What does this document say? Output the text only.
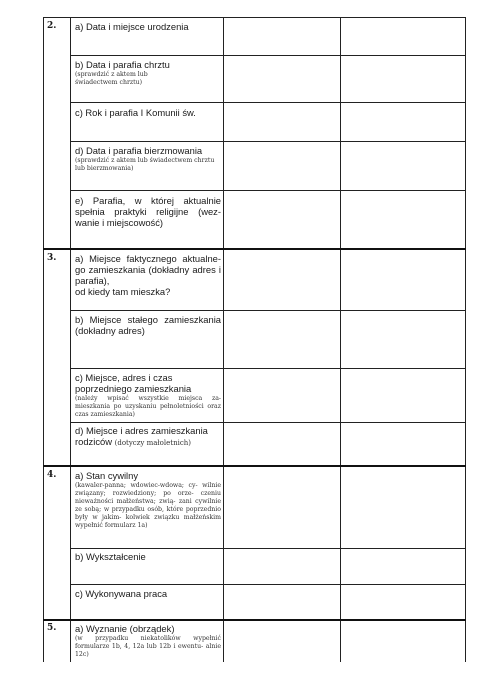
2.
3.
4.
5.

a) Data i miejsce urodzenia

b) Data i parafia chrztu

(sprawdzić z aktem lub świadectwem chrztu)

c) Rok i parafia I Komunii św.

d) Data i parafia bierzmowania

(sprawdzić z aktem lub świadectwem chrztu lub bierzmowania)

e) Parafia, w której aktualnie spełnia praktyki religijne (wez- wanie i miejscowość)

a) Miejsce faktycznego aktualne- go zamieszkania (dokładny adres i parafia),

od kiedy tam mieszka?

b) Miejsce stałego zamieszkania (dokładny adres)

c) Miejsce, adres i czas poprzedniego zamieszkania

(należy wpisać wszystkie miejsca za- mieszkania po uzyskaniu pełnoletniości oraz czas zamieszkania)

d) Miejsce i adres zamieszkania rodziców (dotyczy małoletnich)

a) Stan cywilny

(kawaler-panna; wdowiec-wdowa; cy- wilnie związany; rozwiedziony; po orze- czeniu nieważności małżeństwa; zwią- zani cywilnie ze sobą; w przypadku osób, które poprzednio były w jakim- kolwiek związku małżeńskim wypełnić formularz 1a)

b) Wykształcenie

c) Wykonywana praca

a) Wyznanie (obrządek)

(w przypadku niekatolików wypełnić formularze 1b, 4, 12a lub 12b i ewentu- alnie 12c)
